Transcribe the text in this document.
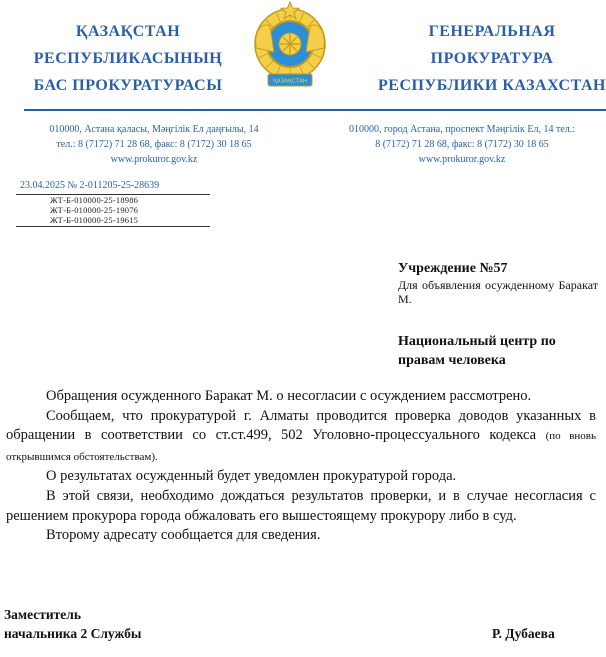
ҚАЗАҚСТАН
РЕСПУБЛИКАСЫНЫҢ
БАС ПРОКУРАТУРАСЫ	ҚАЗАҚСТАН
ГЕНЕРАЛЬНАЯ
ПРОКУРАТУРА
РЕСПУБЛИКИ КАЗАХСТАН
010000, Астана қаласы, Мәңгілік Ел даңғылы, 14
тел.: 8 (7172) 71 28 68, факс: 8 (7172) 30 18 65
www.prokuror.gov.kz
010000, город Астана, проспект Мәңгілік Ел, 14 тел.:
8 (7172) 71 28 68, факс: 8 (7172) 30 18 65
www.prokuror.gov.kz
23.04.2025 № 2-011205-25-28639
ЖТ-Б-010000-25-18986
ЖТ-Б-010000-25-19076
ЖТ-Б-010000-25-19615
Учреждение №57
Для объявления осужденному Баракат М.
Национальный центр по правам человека

Обращения осужденного Баракат М. о несогласии с осуждением рассмотрено.

Сообщаем, что прокуратурой г. Алматы проводится проверка доводов указанных в обращении в соответствии со ст.ст.499, 502 Уголовно-процессуального кодекса (по вновь открывшимся обстоятельствам).

О результатах осужденный будет уведомлен прокуратурой города.

В этой связи, необходимо дождаться результатов проверки, и в случае несогласия с решением прокурора города обжаловать его вышестоящему прокурору либо в суд.

Второму адресату сообщается для сведения.

Заместитель
начальника 2 Службы	Р. Дубаева
